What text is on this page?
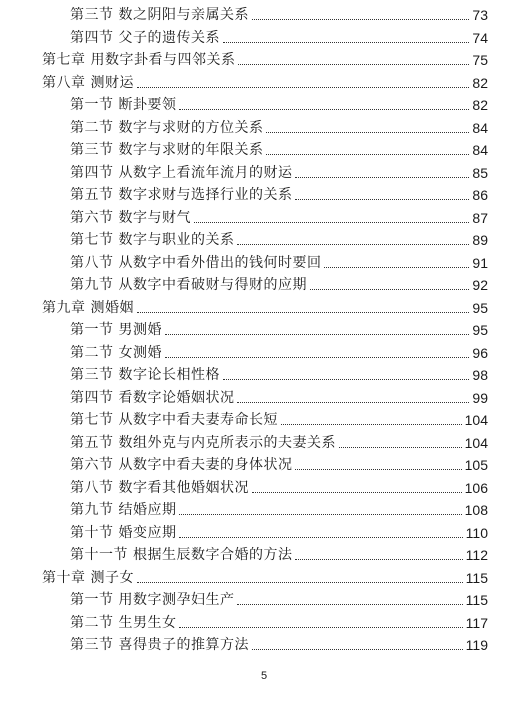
第三节 数之阴阳与亲属关系	73
第四节 父子的遗传关系	74
第七章 用数字卦看与四邻关系	75
第八章 测财运	82
第一节 断卦要领	82
第二节 数字与求财的方位关系	84
第三节 数字与求财的年限关系	84
第四节 从数字上看流年流月的财运	85
第五节 数字求财与选择行业的关系	86
第六节 数字与财气	87
第七节 数字与职业的关系	89
第八节 从数字中看外借出的钱何时要回	91
第九节 从数字中看破财与得财的应期	92
第九章 测婚姻	95
第一节 男测婚	95
第二节 女测婚	96
第三节 数字论长相性格	98
第四节 看数字论婚姻状况	99
第七节 从数字中看夫妻寿命长短	104
第五节 数组外克与内克所表示的夫妻关系	104
第六节 从数字中看夫妻的身体状况	105
第八节 数字看其他婚姻状况	106
第九节 结婚应期	108
第十节 婚变应期	110
第十一节 根据生辰数字合婚的方法	112
第十章 测子女	115
第一节 用数字测孕妇生产	115
第二节 生男生女	117
第三节 喜得贵子的推算方法	119
5
